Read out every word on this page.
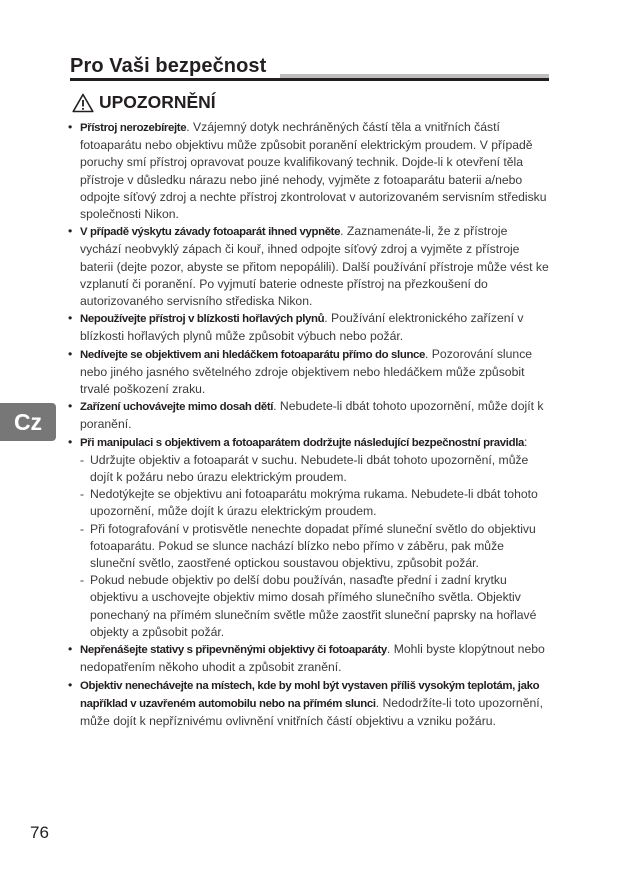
Pro Vaši bezpečnost
UPOZORNĚNÍ
• Přístroj nerozebírejte. Vzájemný dotyk nechráněných částí těla a vnitřních částí fotoaparátu nebo objektivu může způsobit poranění elektrickým proudem. V případě poruchy smí přístroj opravovat pouze kvalifikovaný technik. Dojde-li k otevření těla přístroje v důsledku nárazu nebo jiné nehody, vyjměte z fotoaparátu baterii a/nebo odpojte síťový zdroj a nechte přístroj zkontrolovat v autorizovaném servisním středisku společnosti Nikon.
• V případě výskytu závady fotoaparát ihned vypněte. Zaznamenáte-li, že z přístroje vychází neobvyklý zápach či kouř, ihned odpojte síťový zdroj a vyjměte z přístroje baterii (dejte pozor, abyste se přitom nepopálili). Další používání přístroje může vést ke vzplanutí či poranění. Po vyjmutí baterie odneste přístroj na přezkoušení do autorizovaného servisního střediska Nikon.
• Nepoužívejte přístroj v blízkosti hořlavých plynů. Používání elektronického zařízení v blízkosti hořlavých plynů může způsobit výbuch nebo požár.
• Nedívejte se objektivem ani hledáčkem fotoaparátu přímo do slunce. Pozorování slunce nebo jiného jasného světelného zdroje objektivem nebo hledáčkem může způsobit trvalé poškození zraku.
• Zařízení uchovávejte mimo dosah dětí. Nebudete-li dbát tohoto upozornění, může dojít k poranění.
• Při manipulaci s objektivem a fotoaparátem dodržujte následující bezpečnostní pravidla:
- Udržujte objektiv a fotoaparát v suchu. Nebudete-li dbát tohoto upozornění, může dojít k požáru nebo úrazu elektrickým proudem.
- Nedotýkejte se objektivu ani fotoaparátu mokrýma rukama. Nebudete-li dbát tohoto upozornění, může dojít k úrazu elektrickým proudem.
- Při fotografování v protisvětle nenechte dopadat přímé sluneční světlo do objektivu fotoaparátu. Pokud se slunce nachází blízko nebo přímo v záběru, pak může sluneční světlo, zaostřené optickou soustavou objektivu, způsobit požár.
- Pokud nebude objektiv po delší dobu používán, nasaďte přední i zadní krytku objektivu a uschovejte objektiv mimo dosah přímého slunečního světla. Objektiv ponechaný na přímém slunečním světle může zaostřit sluneční paprsky na hořlavé objekty a způsobit požár.
• Nepřenášejte stativy s připevněnými objektivy či fotoaparáty. Mohli byste klopýtnout nebo nedopatřením někoho uhodit a způsobit zranění.
• Objektiv nenechávejte na místech, kde by mohl být vystaven příliš vysokým teplotám, jako například v uzavřeném automobilu nebo na přímém slunci. Nedodržíte-li toto upozornění, může dojít k nepříznivému ovlivnění vnitřních částí objektivu a vzniku požáru.
Cz
76
